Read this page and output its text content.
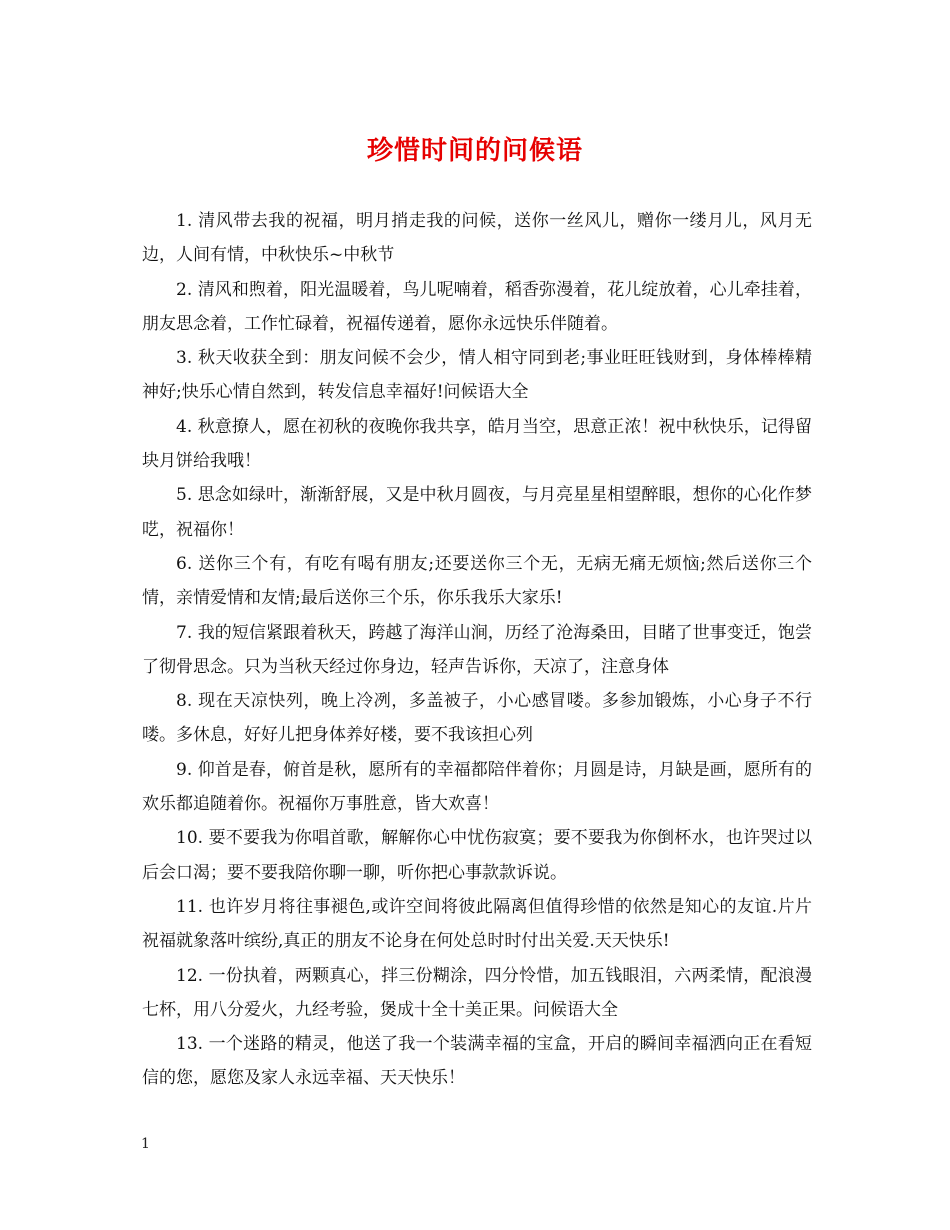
珍惜时间的问候语

1. 清风带去我的祝福，明月捎走我的问候，送你一丝风儿，赠你一缕月儿，风月无边，人间有情，中秋快乐~中秋节

2. 清风和煦着，阳光温暖着，鸟儿呢喃着，稻香弥漫着，花儿绽放着，心儿牵挂着，朋友思念着，工作忙碌着，祝福传递着，愿你永远快乐伴随着。

3. 秋天收获全到：朋友问候不会少，情人相守同到老;事业旺旺钱财到，身体棒棒精神好;快乐心情自然到，转发信息幸福好!问候语大全

4. 秋意撩人，愿在初秋的夜晚你我共享，皓月当空，思意正浓！祝中秋快乐，记得留块月饼给我哦！

5. 思念如绿叶，渐渐舒展，又是中秋月圆夜，与月亮星星相望醉眼，想你的心化作梦呓，祝福你！

6. 送你三个有，有吃有喝有朋友;还要送你三个无，无病无痛无烦恼;然后送你三个情，亲情爱情和友情;最后送你三个乐，你乐我乐大家乐!

7. 我的短信紧跟着秋天，跨越了海洋山涧，历经了沧海桑田，目睹了世事变迁，饱尝了彻骨思念。只为当秋天经过你身边，轻声告诉你，天凉了，注意身体

8. 现在天凉快列，晚上冷冽，多盖被子，小心感冒喽。多参加锻炼，小心身子不行喽。多休息，好好儿把身体养好楼，要不我该担心列

9. 仰首是春，俯首是秋，愿所有的幸福都陪伴着你；月圆是诗，月缺是画，愿所有的欢乐都追随着你。祝福你万事胜意，皆大欢喜！

10. 要不要我为你唱首歌，解解你心中忧伤寂寞；要不要我为你倒杯水，也许哭过以后会口渴；要不要我陪你聊一聊，听你把心事款款诉说。

11. 也许岁月将往事褪色,或许空间将彼此隔离但值得珍惜的依然是知心的友谊.片片祝福就象落叶缤纷,真正的朋友不论身在何处总时时付出关爱.天天快乐!

12. 一份执着，两颗真心，拌三份糊涂，四分怜惜，加五钱眼泪，六两柔情，配浪漫七杯，用八分爱火，九经考验，煲成十全十美正果。问候语大全

13. 一个迷路的精灵，他送了我一个装满幸福的宝盒，开启的瞬间幸福洒向正在看短信的您，愿您及家人永远幸福、天天快乐！

1
